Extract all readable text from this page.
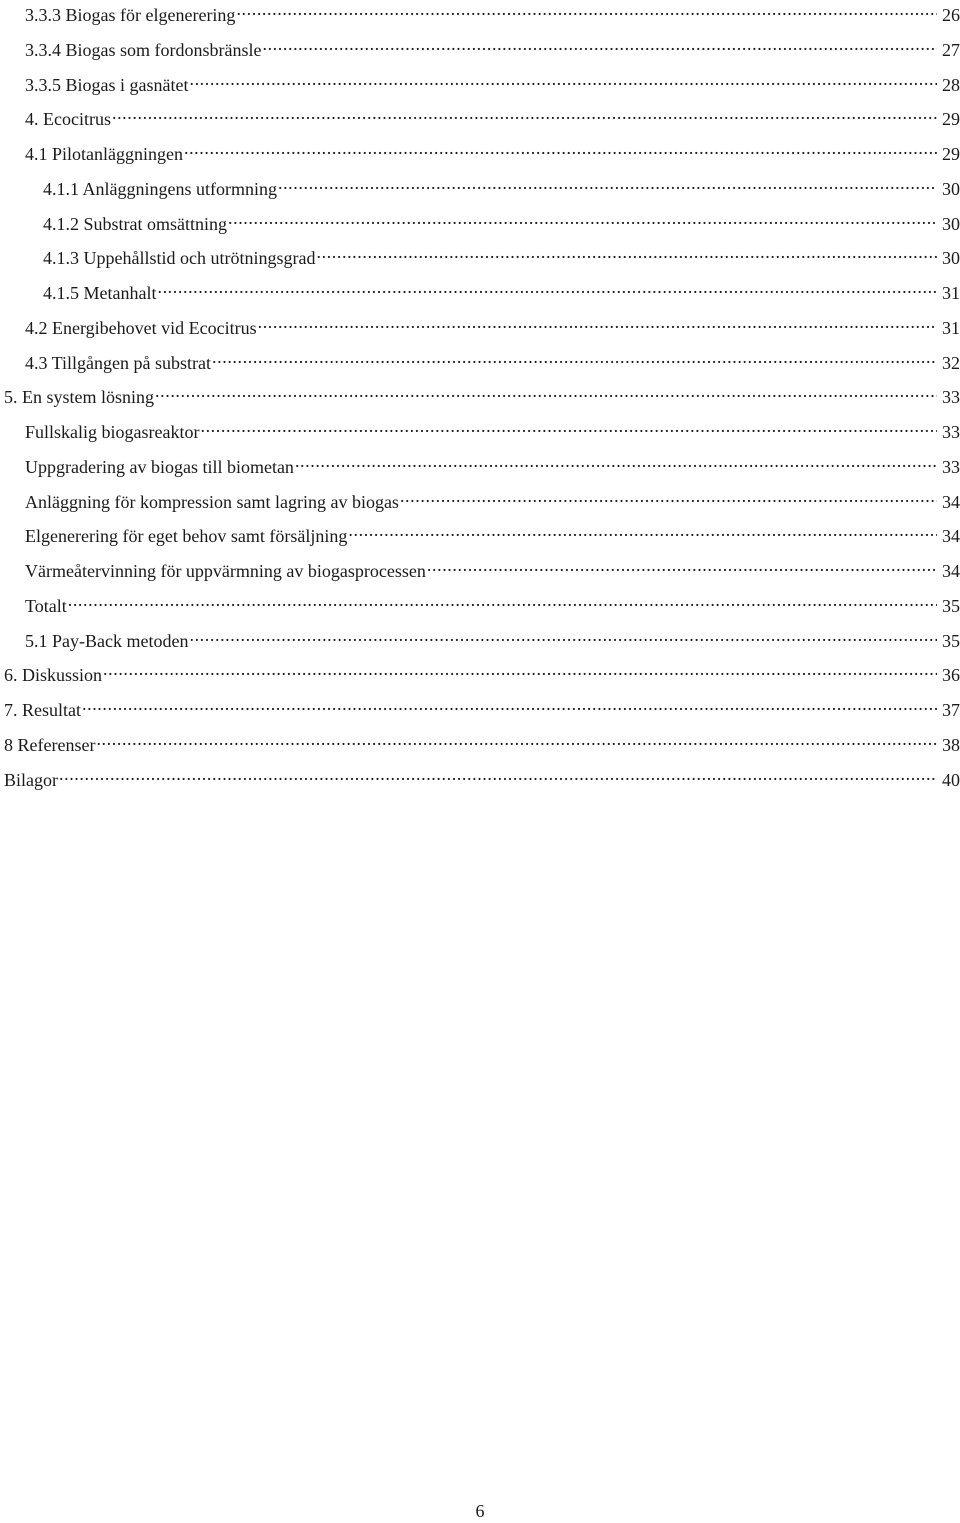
3.3.3 Biogas för elgenerering .....	26
3.3.4 Biogas som fordonsbränsle .....	27
3.3.5 Biogas i gasnätet .....	28
4. Ecocitrus .....	29
4.1 Pilotanläggningen .....	29
4.1.1 Anläggningens utformning .....	30
4.1.2 Substrat omsättning .....	30
4.1.3 Uppehållstid och utrötningsgrad .....	30
4.1.5 Metanhalt .....	31
4.2 Energibehovet vid Ecocitrus .....	31
4.3 Tillgången på substrat .....	32
5. En system lösning .....	33
Fullskalig biogasreaktor .....	33
Uppgradering av biogas till biometan .....	33
Anläggning för kompression samt lagring av biogas .....	34
Elgenerering för eget behov samt försäljning .....	34
Värmeåtervinning för uppvärmning av biogasprocessen .....	34
Totalt .....	35
5.1 Pay-Back metoden .....	35
6. Diskussion .....	36
7. Resultat .....	37
8 Referenser .....	38
Bilagor .....	40
6
